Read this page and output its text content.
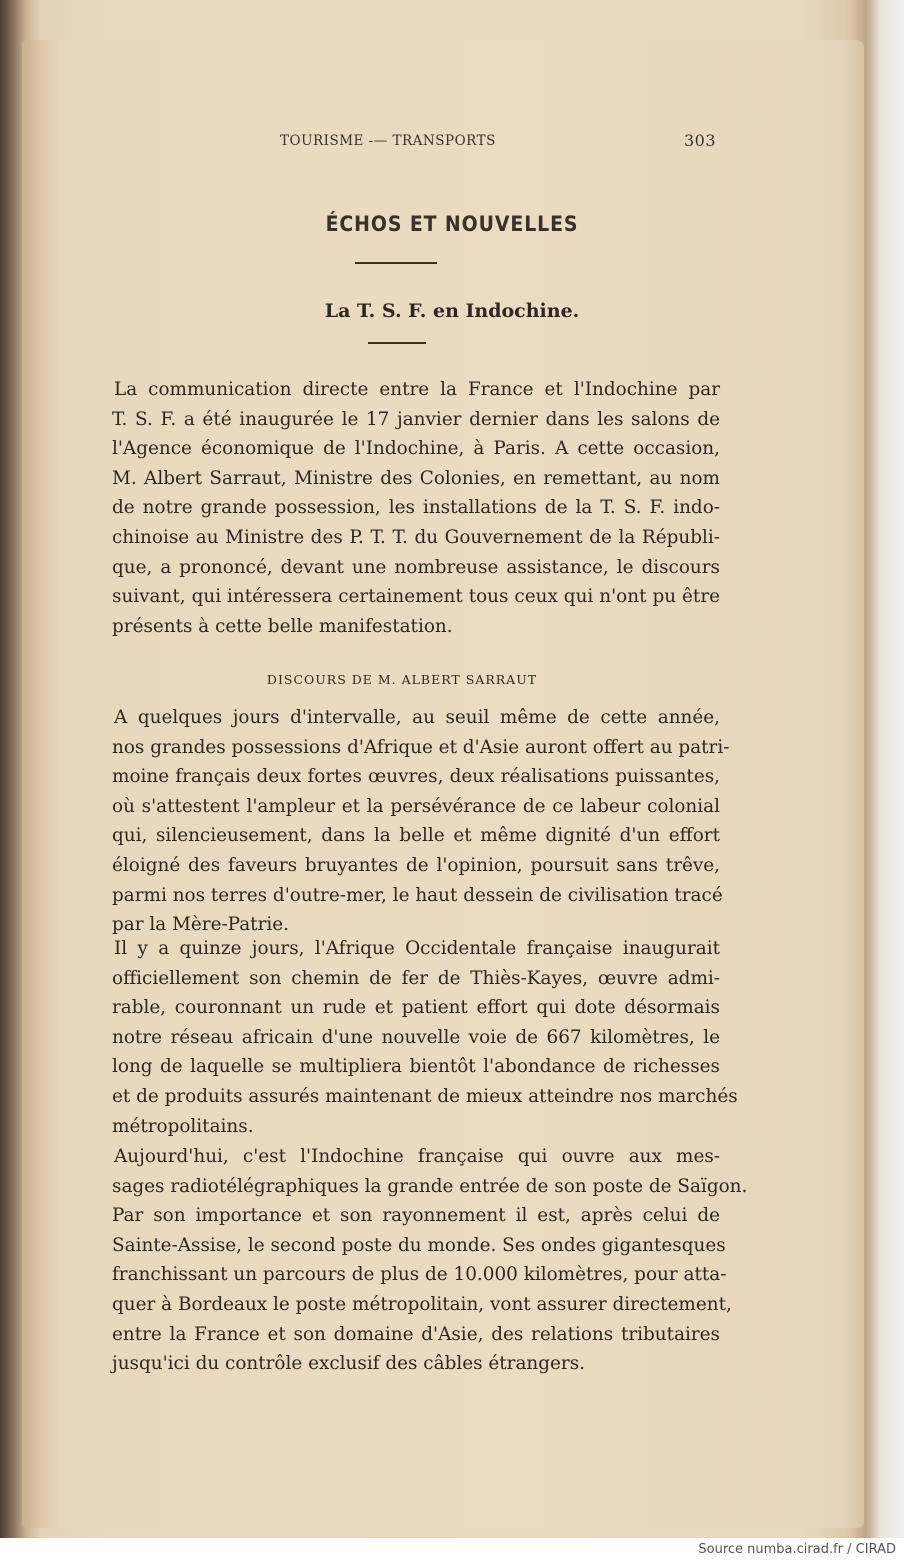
TOURISME -— TRANSPORTS	303
ÉCHOS ET NOUVELLES
La T. S. F. en Indochine.
La communication directe entre la France et l'Indochine par
T. S. F. a été inaugurée le 17 janvier dernier dans les salons de
l'Agence économique de l'Indochine, à Paris. A cette occasion,
M. Albert Sarraut, Ministre des Colonies, en remettant, au nom
de notre grande possession, les installations de la T. S. F. indo-
chinoise au Ministre des P. T. T. du Gouvernement de la Républi-
que, a prononcé, devant une nombreuse assistance, le discours
suivant, qui intéressera certainement tous ceux qui n'ont pu être
présents à cette belle manifestation.
DISCOURS DE M. ALBERT SARRAUT
A quelques jours d'intervalle, au seuil même de cette année,
nos grandes possessions d'Afrique et d'Asie auront offert au patri-
moine français deux fortes œuvres, deux réalisations puissantes,
où s'attestent l'ampleur et la persévérance de ce labeur colonial
qui, silencieusement, dans la belle et même dignité d'un effort
éloigné des faveurs bruyantes de l'opinion, poursuit sans trêve,
parmi nos terres d'outre-mer, le haut dessein de civilisation tracé
par la Mère-Patrie.
Il y a quinze jours, l'Afrique Occidentale française inaugurait
officiellement son chemin de fer de Thiès-Kayes, œuvre admi-
rable, couronnant un rude et patient effort qui dote désormais
notre réseau africain d'une nouvelle voie de 667 kilomètres, le
long de laquelle se multipliera bientôt l'abondance de richesses
et de produits assurés maintenant de mieux atteindre nos marchés
métropolitains.
Aujourd'hui, c'est l'Indochine française qui ouvre aux mes-
sages radiotélégraphiques la grande entrée de son poste de Saïgon.
Par son importance et son rayonnement il est, après celui de
Sainte-Assise, le second poste du monde. Ses ondes gigantesques
franchissant un parcours de plus de 10.000 kilomètres, pour atta-
quer à Bordeaux le poste métropolitain, vont assurer directement,
entre la France et son domaine d'Asie, des relations tributaires
jusqu'ici du contrôle exclusif des câbles étrangers.
Source numba.cirad.fr / CIRAD
